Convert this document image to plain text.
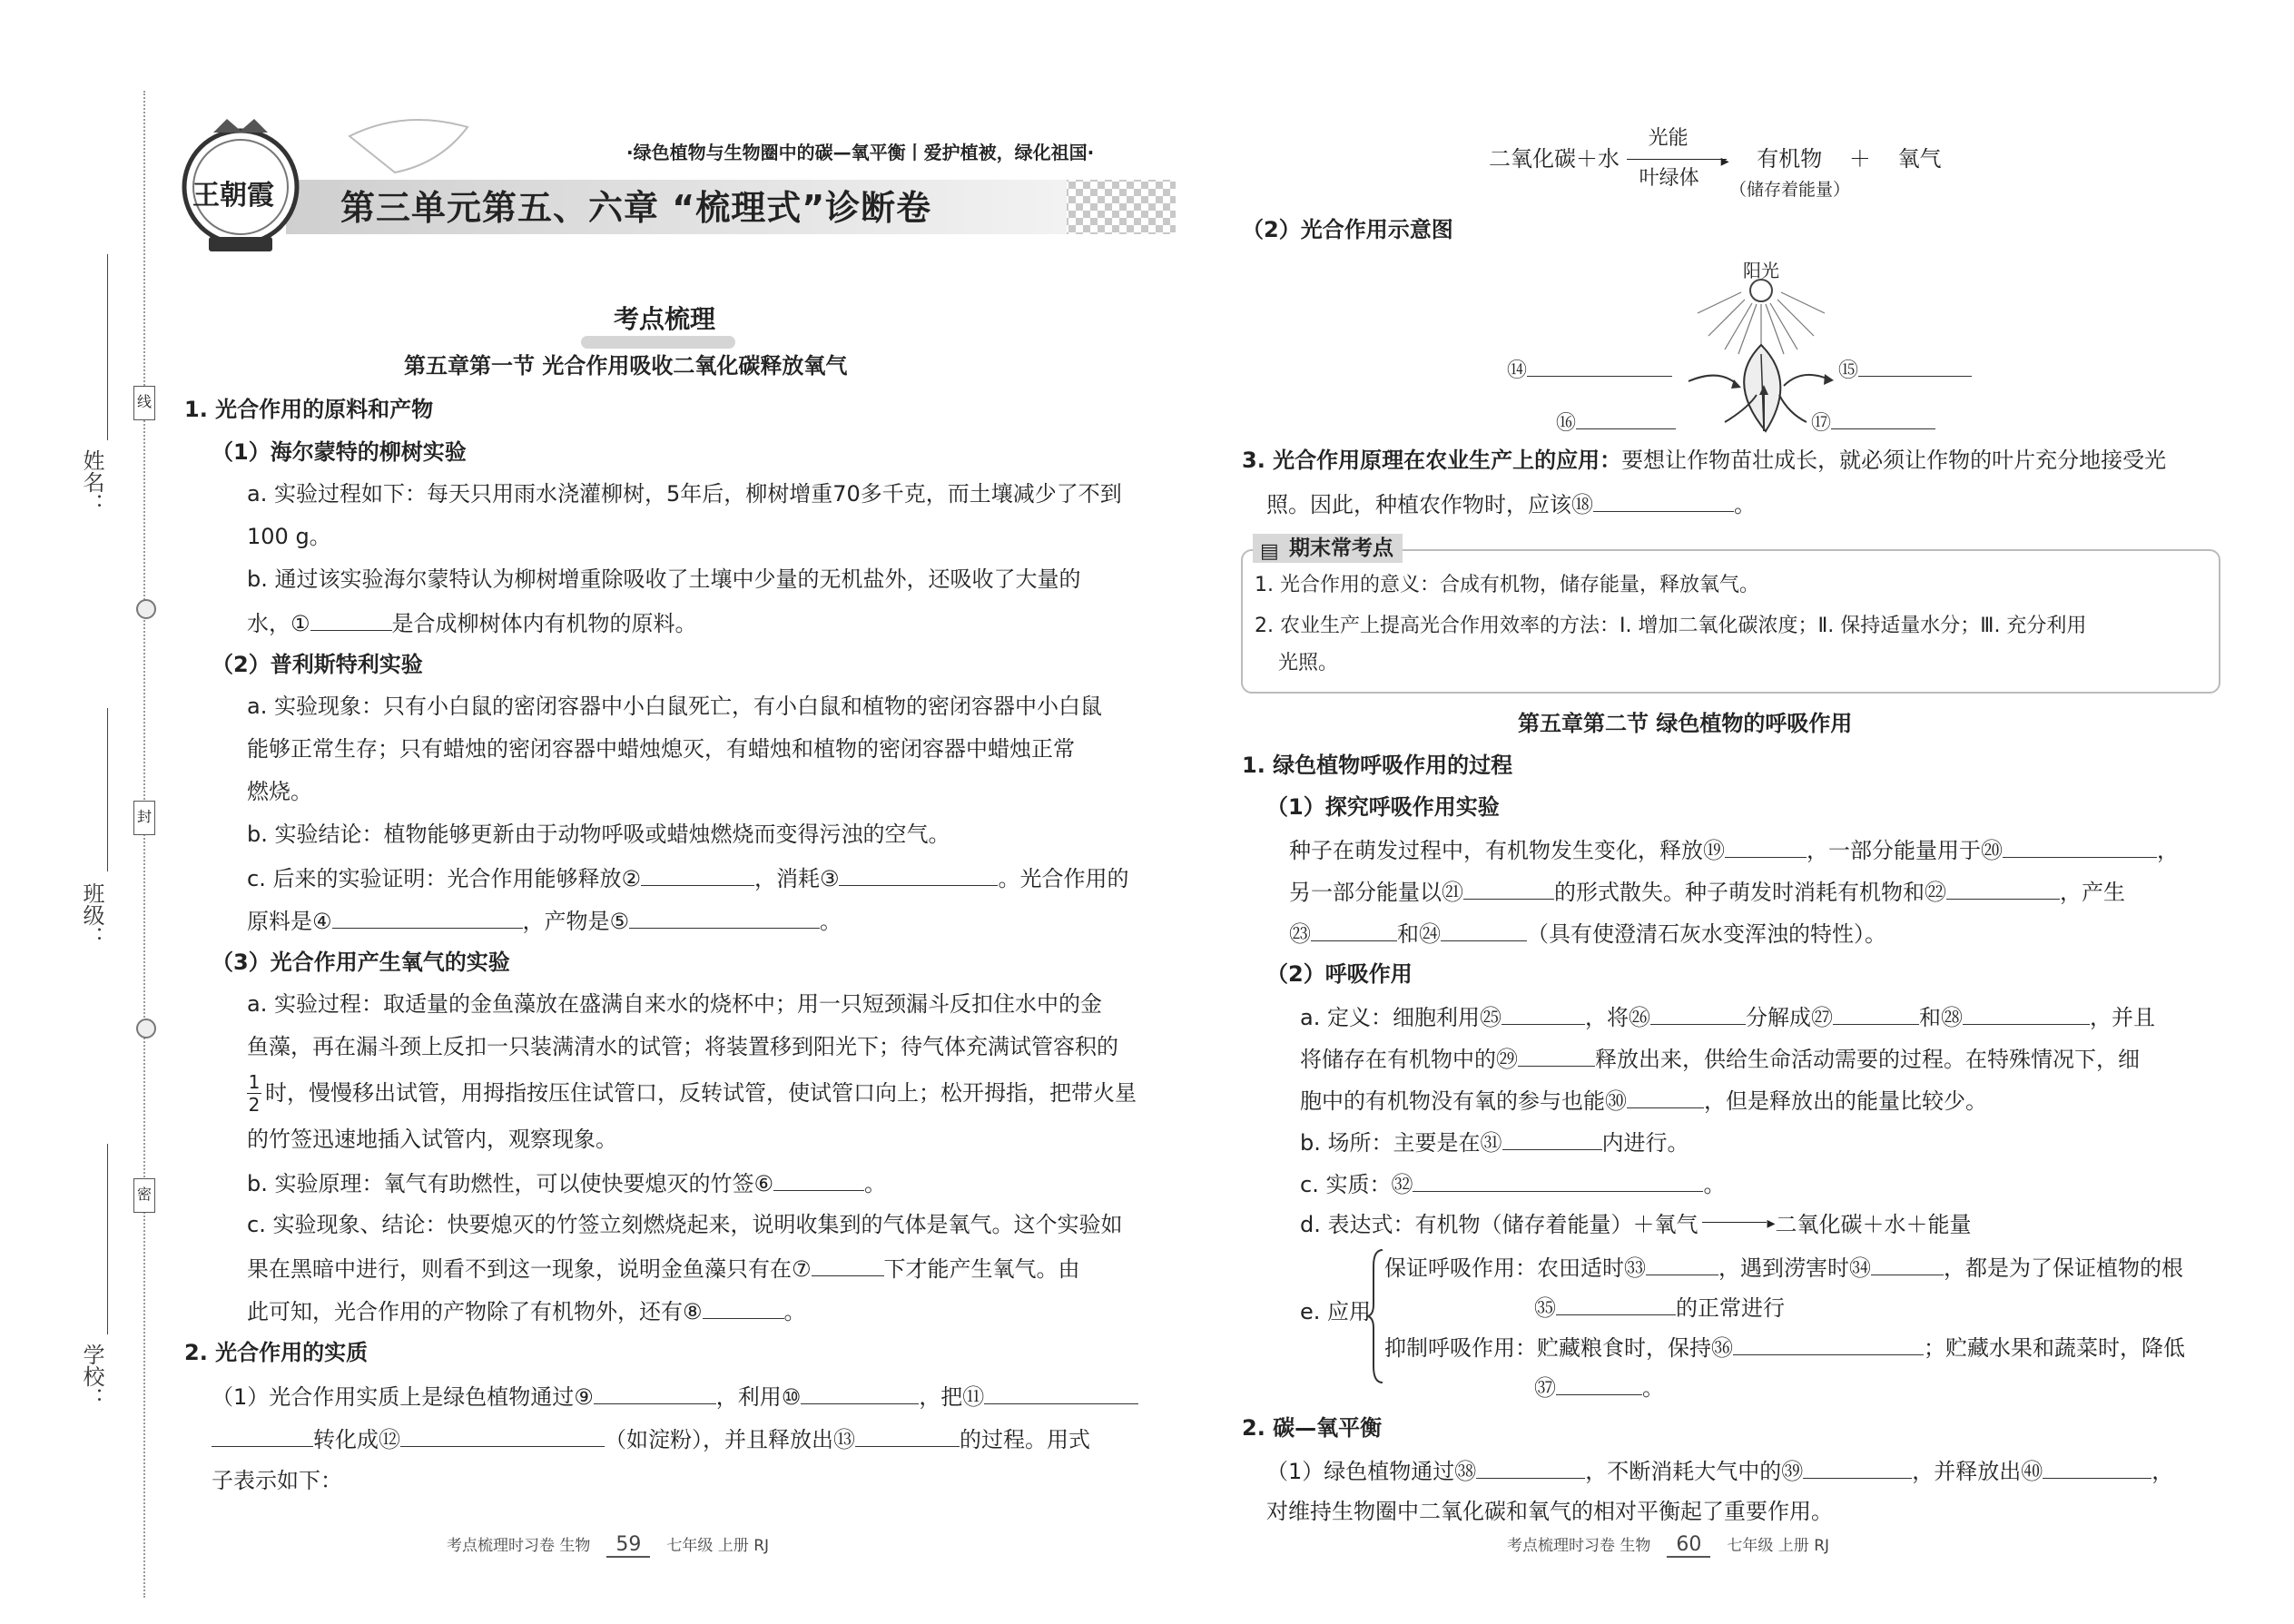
线
封
密
姓名：
班级：
学校：
王朝霞
·绿色植物与生物圈中的碳—氧平衡丨爱护植被，绿化祖国·
第三单元第五、六章 “梳理式”诊断卷
考点梳理
第五章第一节 光合作用吸收二氧化碳释放氧气
1. 光合作用的原料和产物
（1）海尔蒙特的柳树实验
a. 实验过程如下：每天只用雨水浇灌柳树，5年后，柳树增重70多千克，而土壤减少了不到
100 g。
b. 通过该实验海尔蒙特认为柳树增重除吸收了土壤中少量的无机盐外，还吸收了大量的
水，①	是合成柳树体内有机物的原料。
（2）普利斯特利实验
a. 实验现象：只有小白鼠的密闭容器中小白鼠死亡，有小白鼠和植物的密闭容器中小白鼠
能够正常生存；只有蜡烛的密闭容器中蜡烛熄灭，有蜡烛和植物的密闭容器中蜡烛正常
燃烧。
b. 实验结论：植物能够更新由于动物呼吸或蜡烛燃烧而变得污浊的空气。
c. 后来的实验证明：光合作用能够释放②	，消耗③	。光合作用的
原料是④	，产物是⑤	。
（3）光合作用产生氧气的实验
a. 实验过程：取适量的金鱼藻放在盛满自来水的烧杯中；用一只短颈漏斗反扣住水中的金
鱼藻，再在漏斗颈上反扣一只装满清水的试管；将装置移到阳光下；待气体充满试管容积的
$\frac{1}{2}$ 时，慢慢移出试管，用拇指按压住试管口，反转试管，使试管口向上；松开拇指，把带火星
的竹签迅速地插入试管内，观察现象。
b. 实验原理：氧气有助燃性，可以使快要熄灭的竹签⑥	。
c. 实验现象、结论：快要熄灭的竹签立刻燃烧起来，说明收集到的气体是氧气。这个实验如
果在黑暗中进行，则看不到这一现象，说明金鱼藻只有在⑦	下才能产生氧气。由
此可知，光合作用的产物除了有机物外，还有⑧	。
2. 光合作用的实质
（1）光合作用实质上是绿色植物通过⑨	，利用⑩	，把⑪
转化成⑫	（如淀粉），并且释放出⑬	的过程。用式
子表示如下：
考点梳理时习卷 生物 59 七年级 上册 RJ
二氧化碳＋水
光能
▸
叶绿体
有机物 ＋ 氧气
（储存着能量）
（2）光合作用示意图
阳光
⑭	⑮
⑯	⑰
3. 光合作用原理在农业生产上的应用：要想让作物苗壮成长，就必须让作物的叶片充分地接受光
照。因此，种植农作物时，应该⑱	。
▤ 期末常考点
1. 光合作用的意义：合成有机物，储存能量，释放氧气。
2. 农业生产上提高光合作用效率的方法：Ⅰ. 增加二氧化碳浓度；Ⅱ. 保持适量水分；Ⅲ. 充分利用
光照。
第五章第二节 绿色植物的呼吸作用
1. 绿色植物呼吸作用的过程
（1）探究呼吸作用实验
种子在萌发过程中，有机物发生变化，释放⑲	，一部分能量用于⑳	，
另一部分能量以㉑	的形式散失。种子萌发时消耗有机物和㉒	，产生
㉓	和㉔	（具有使澄清石灰水变浑浊的特性）。
（2）呼吸作用
a. 定义：细胞利用㉕	，将㉖	分解成㉗	和㉘	，并且
将储存在有机物中的㉙	释放出来，供给生命活动需要的过程。在特殊情况下，细
胞中的有机物没有氧的参与也能㉚	，但是释放出的能量比较少。
b. 场所：主要是在㉛	内进行。
c. 实质：㉜	。
d. 表达式：有机物（储存着能量）＋氧气	▸ 二氧化碳＋水＋能量
e. 应用
保证呼吸作用：农田适时㉝	，遇到涝害时㉞	，都是为了保证植物的根
㉟	的正常进行
抑制呼吸作用：贮藏粮食时，保持㊱	；贮藏水果和蔬菜时，降低
㊲	。
2. 碳—氧平衡
（1）绿色植物通过㊳	，不断消耗大气中的㊴	，并释放出㊵	，
对维持生物圈中二氧化碳和氧气的相对平衡起了重要作用。
考点梳理时习卷 生物 60 七年级 上册 RJ
